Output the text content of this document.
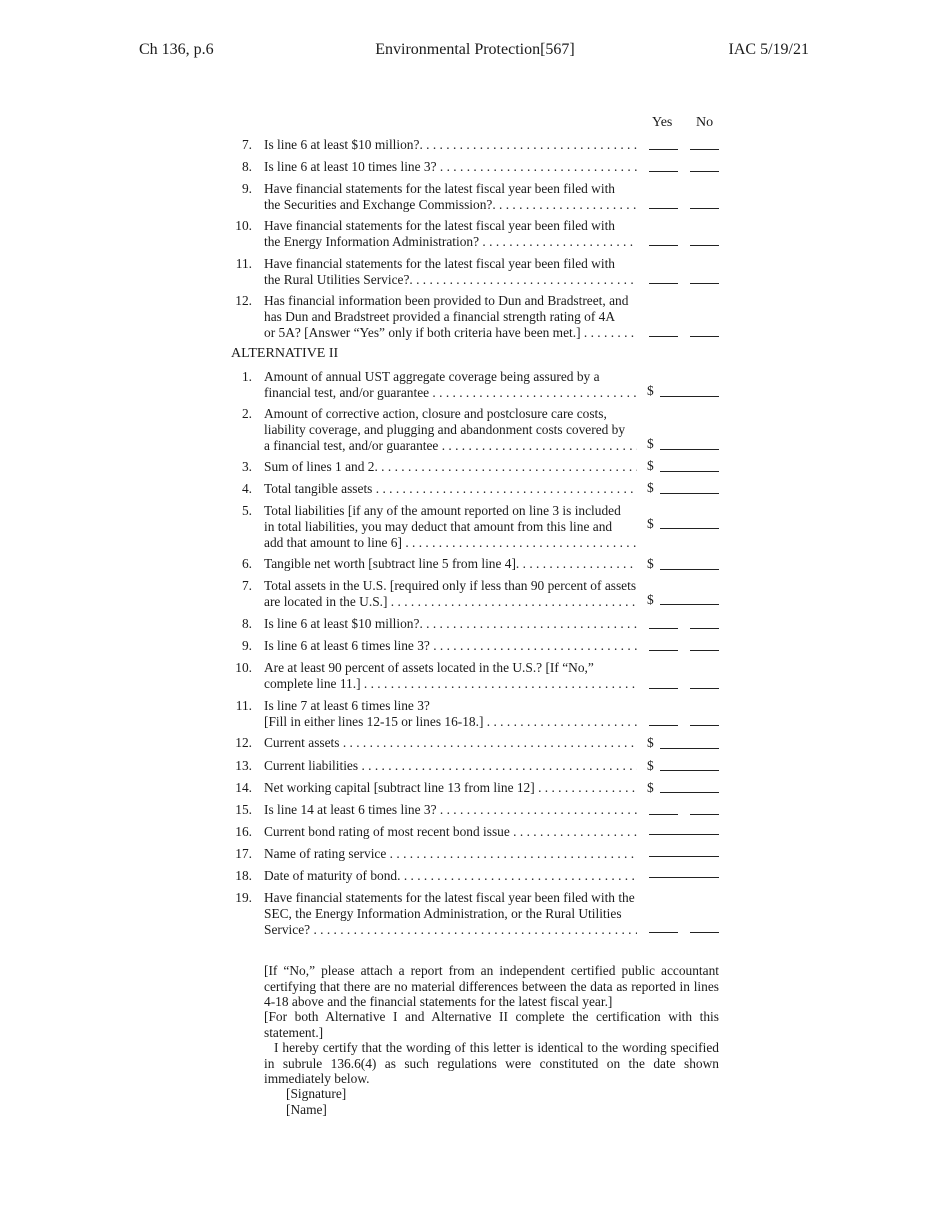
Ch 136, p.6	Environmental Protection[567]	IAC 5/19/21
Yes No
7. Is line 6 at least $10 million?. . . .
8. Is line 6 at least 10 times line 3? . . .
9. Have financial statements for the latest fiscal year been filed with
the Securities and Exchange Commission?. . . .
10. Have financial statements for the latest fiscal year been filed with
the Energy Information Administration? . . .
11. Have financial statements for the latest fiscal year been filed with
the Rural Utilities Service?. . . .
12. Has financial information been provided to Dun and Bradstreet, and
has Dun and Bradstreet provided a financial strength rating of 4A
or 5A? [Answer “Yes” only if both criteria have been met.] . . .
ALTERNATIVE II
1. Amount of annual UST aggregate coverage being assured by a
financial test, and/or guarantee . . .	$
2. Amount of corrective action, closure and postclosure care costs,
liability coverage, and plugging and abandonment costs covered by
a financial test, and/or guarantee . . .	$
3. Sum of lines 1 and 2. . . .	$
4. Total tangible assets . . .	$
5. Total liabilities [if any of the amount reported on line 3 is included
in total liabilities, you may deduct that amount from this line and
add that amount to line 6] . . .
$
6. Tangible net worth [subtract line 5 from line 4]. . . .	$
7. Total assets in the U.S. [required only if less than 90 percent of assets
are located in the U.S.] . . .	$
8. Is line 6 at least $10 million?. . . .
9. Is line 6 at least 6 times line 3? . . .
10. Are at least 90 percent of assets located in the U.S.? [If “No,”
complete line 11.] . . .
11. Is line 7 at least 6 times line 3?
[Fill in either lines 12-15 or lines 16-18.] . . .
12. Current assets . . .	$
13. Current liabilities . . .	$
14. Net working capital [subtract line 13 from line 12] . . .	$
15. Is line 14 at least 6 times line 3? . . .
16. Current bond rating of most recent bond issue . . .
17. Name of rating service . . .
18. Date of maturity of bond. . . .
19. Have financial statements for the latest fiscal year been filed with the
SEC, the Energy Information Administration, or the Rural Utilities
Service? . . .
[If “No,” please attach a report from an independent certified public accountant certifying that there are no material differences between the data as reported in lines 4-18 above and the financial statements for the latest fiscal year.]
[For both Alternative I and Alternative II complete the certification with this statement.]
I hereby certify that the wording of this letter is identical to the wording specified in subrule 136.6(4) as such regulations were constituted on the date shown immediately below.
[Signature]
[Name]
